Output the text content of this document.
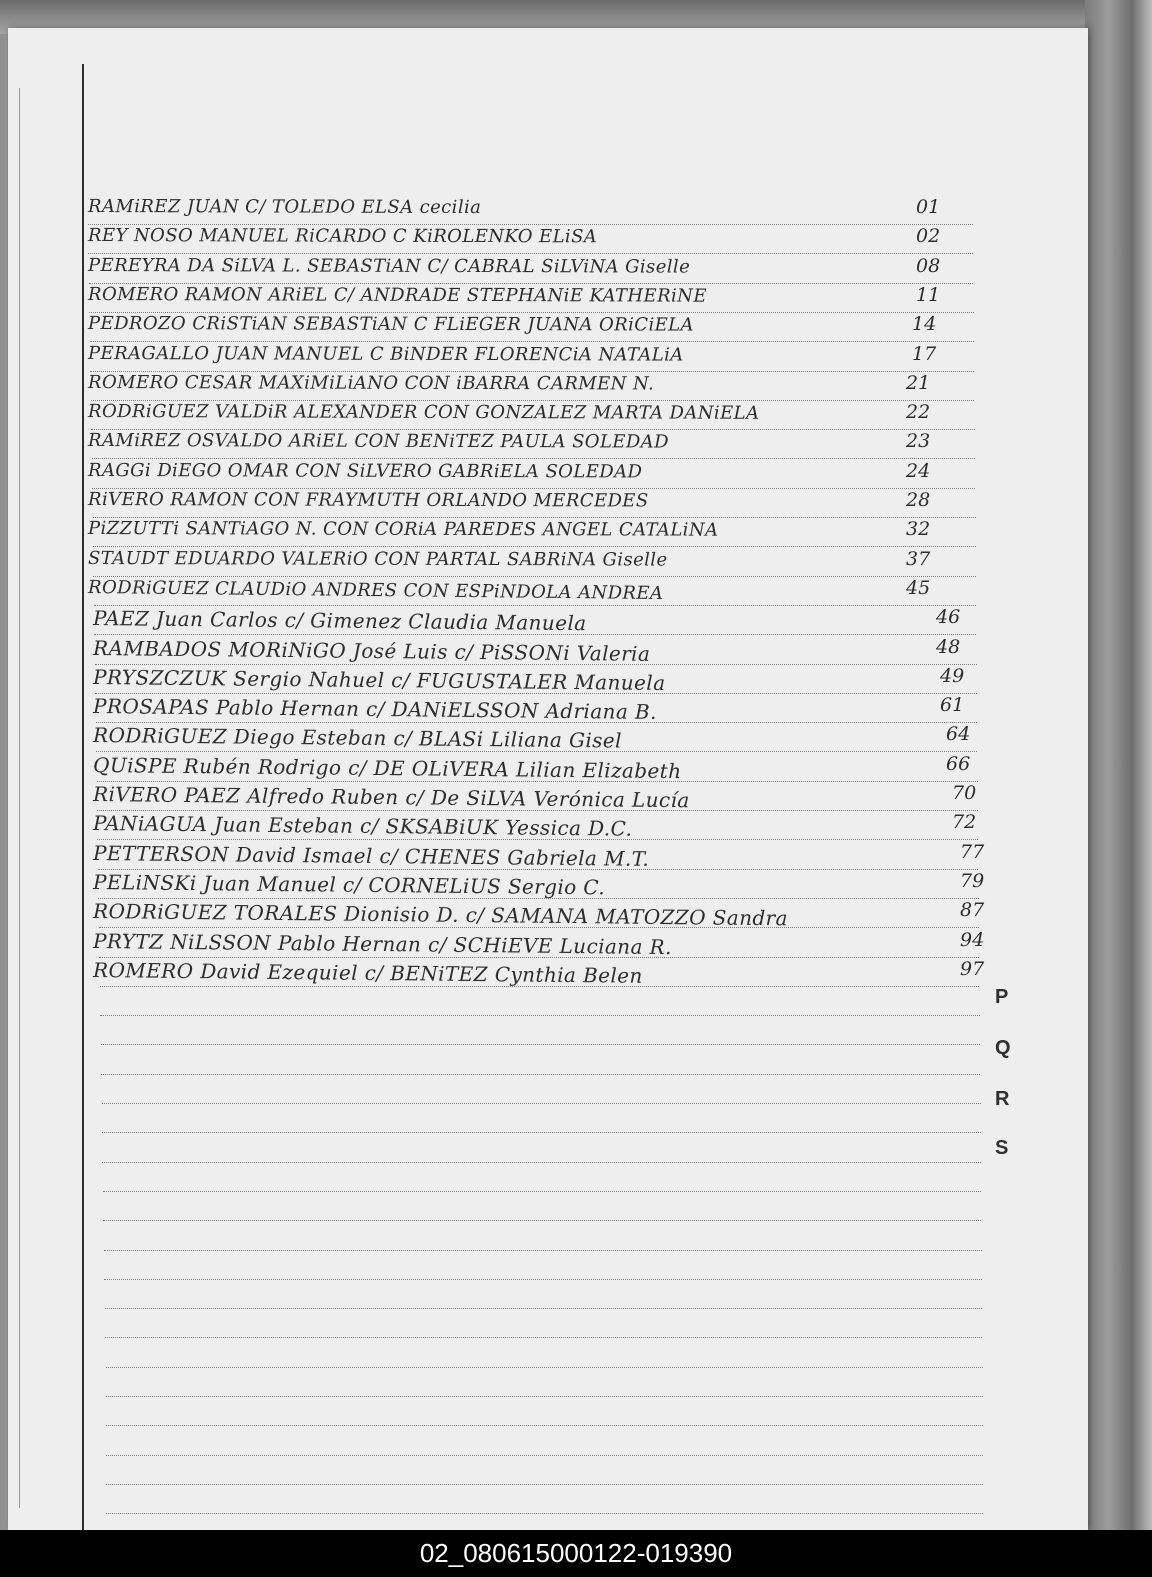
RAMiREZ JUAN C/ TOLEDO ELSA cecilia	01
REY NOSO MANUEL RiCARDO C KiROLENKO ELiSA	02
PEREYRA DA SiLVA L. SEBASTiAN C/ CABRAL SiLViNA Giselle	08
ROMERO RAMON ARiEL C/ ANDRADE STEPHANiE KATHERiNE	11
PEDROZO CRiSTiAN SEBASTiAN C FLiEGER JUANA ORiCiELA	14
PERAGALLO JUAN MANUEL C BiNDER FLORENCiA NATALiA	17
ROMERO CESAR MAXiMiLiANO CON iBARRA CARMEN N.	21
RODRiGUEZ VALDiR ALEXANDER CON GONZALEZ MARTA DANiELA	22
RAMiREZ OSVALDO ARiEL CON BENiTEZ PAULA SOLEDAD	23
RAGGi DiEGO OMAR CON SiLVERO GABRiELA SOLEDAD	24
RiVERO RAMON CON FRAYMUTH ORLANDO MERCEDES	28
PiZZUTTi SANTiAGO N. CON CORiA PAREDES ANGEL CATALiNA	32
STAUDT EDUARDO VALERiO CON PARTAL SABRiNA Giselle	37
RODRiGUEZ CLAUDiO ANDRES CON ESPiNDOLA ANDREA	45
PAEZ Juan Carlos c/ Gimenez Claudia Manuela	46
RAMBADOS MORiNiGO José Luis c/ PiSSONi Valeria	48
PRYSZCZUK Sergio Nahuel c/ FUGUSTALER Manuela	49
PROSAPAS Pablo Hernan c/ DANiELSSON Adriana B.	61
RODRiGUEZ Diego Esteban c/ BLASi Liliana Gisel	64
QUiSPE Rubén Rodrigo c/ DE OLiVERA Lilian Elizabeth	66
RiVERO PAEZ Alfredo Ruben c/ De SiLVA Verónica Lucía	70
PANiAGUA Juan Esteban c/ SKSABiUK Yessica D.C.	72
PETTERSON David Ismael c/ CHENES Gabriela M.T.	77
PELiNSKi Juan Manuel c/ CORNELiUS Sergio C.	79
RODRiGUEZ TORALES Dionisio D. c/ SAMANA MATOZZO Sandra	87
PRYTZ NiLSSON Pablo Hernan c/ SCHiEVE Luciana R.	94
ROMERO David Ezequiel c/ BENiTEZ Cynthia Belen	97
P
Q
R
S
02_080615000122-019390
